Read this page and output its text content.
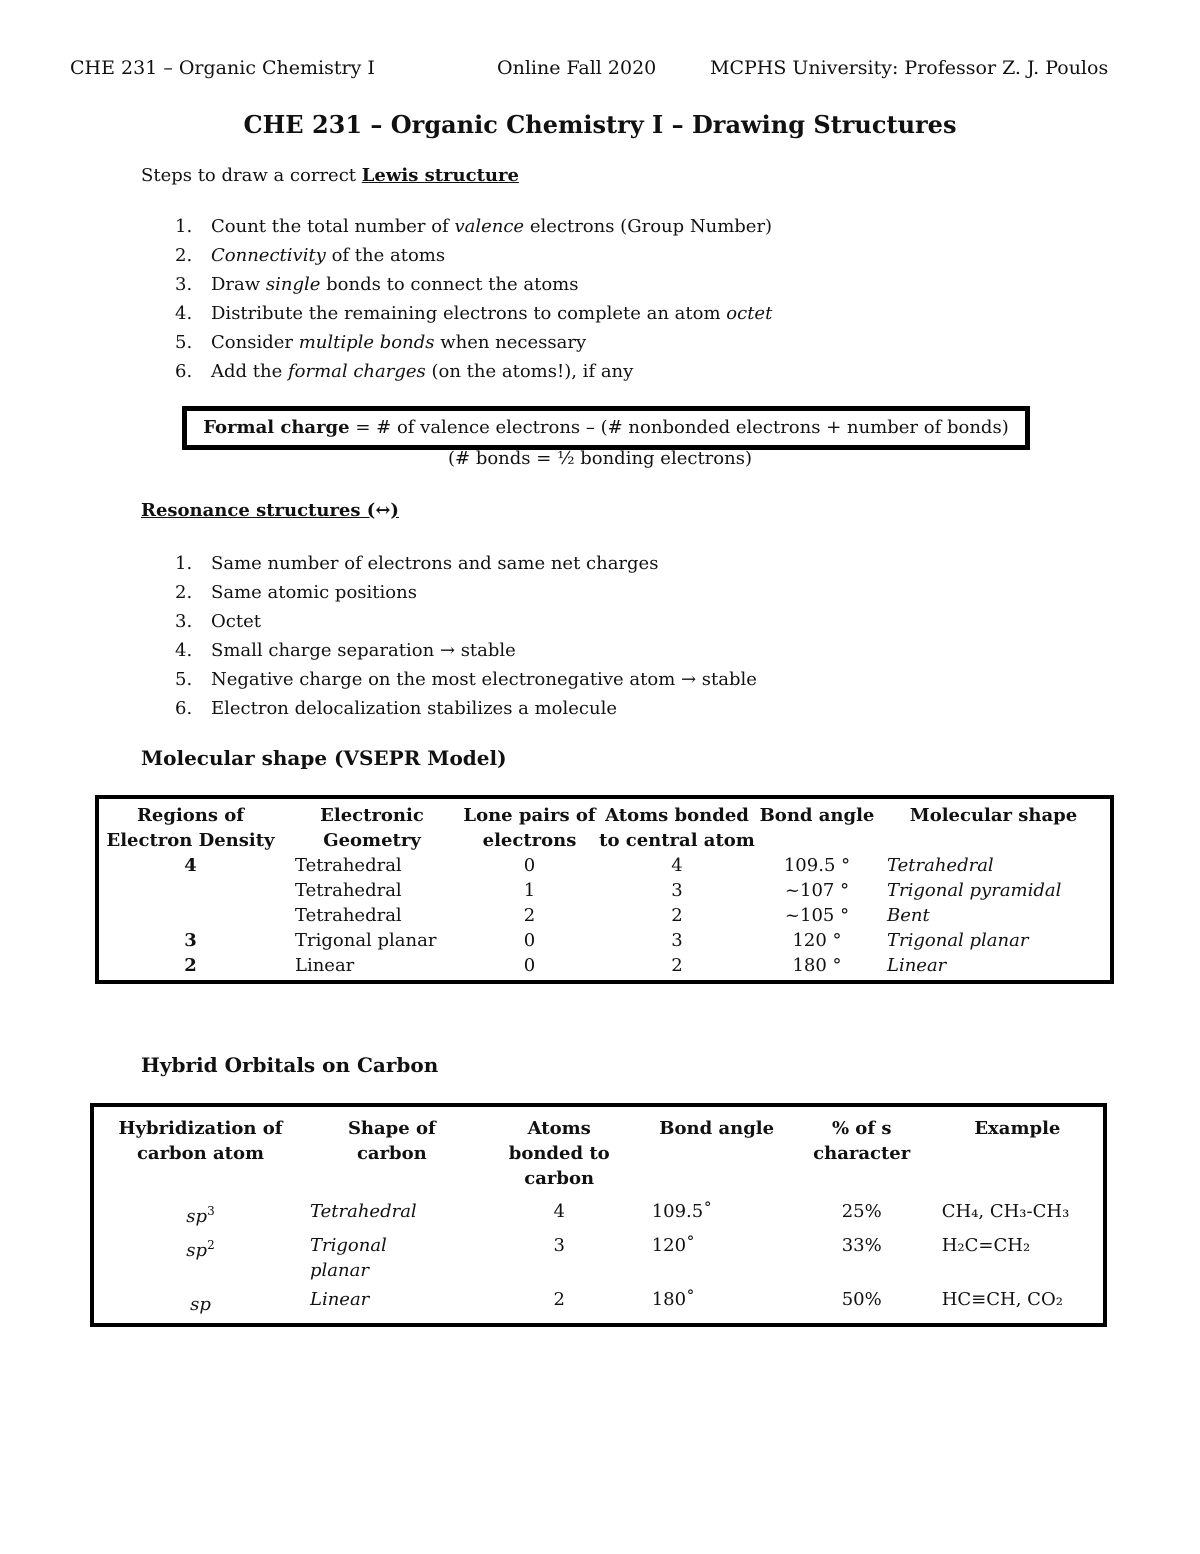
CHE 231 – Organic Chemistry I	Online Fall 2020	MCPHS University: Professor Z. J. Poulos
CHE 231 – Organic Chemistry I – Drawing Structures
Steps to draw a correct Lewis structure
1. Count the total number of valence electrons (Group Number)
2. Connectivity of the atoms
3. Draw single bonds to connect the atoms
4. Distribute the remaining electrons to complete an atom octet
5. Consider multiple bonds when necessary
6. Add the formal charges (on the atoms!), if any
Formal charge = # of valence electrons – (# nonbonded electrons + number of bonds)
(# bonds = ½ bonding electrons)
Resonance structures (↔)
1. Same number of electrons and same net charges
2. Same atomic positions
3. Octet
4. Small charge separation → stable
5. Negative charge on the most electronegative atom → stable
6. Electron delocalization stabilizes a molecule
Molecular shape (VSEPR Model)
Regions of Electron Density	Electronic Geometry	Lone pairs of electrons	Atoms bonded to central atom	Bond angle	Molecular shape
4	Tetrahedral	0	4	109.5 °	Tetrahedral
	Tetrahedral	1	3	~107 °	Trigonal pyramidal
	Tetrahedral	2	2	~105 °	Bent
3	Trigonal planar	0	3	120 °	Trigonal planar
2	Linear	0	2	180 °	Linear
Hybrid Orbitals on Carbon
Hybridization of carbon atom	Shape of carbon	Atoms bonded to carbon	Bond angle	% of s character	Example
$sp^3$	Tetrahedral	4	109.5˚	25%	CH₄, CH₃-CH₃
$sp^2$	Trigonal planar	3	120˚	33%	H₂C=CH₂
sp	Linear	2	180˚	50%	HC≡CH, CO₂
